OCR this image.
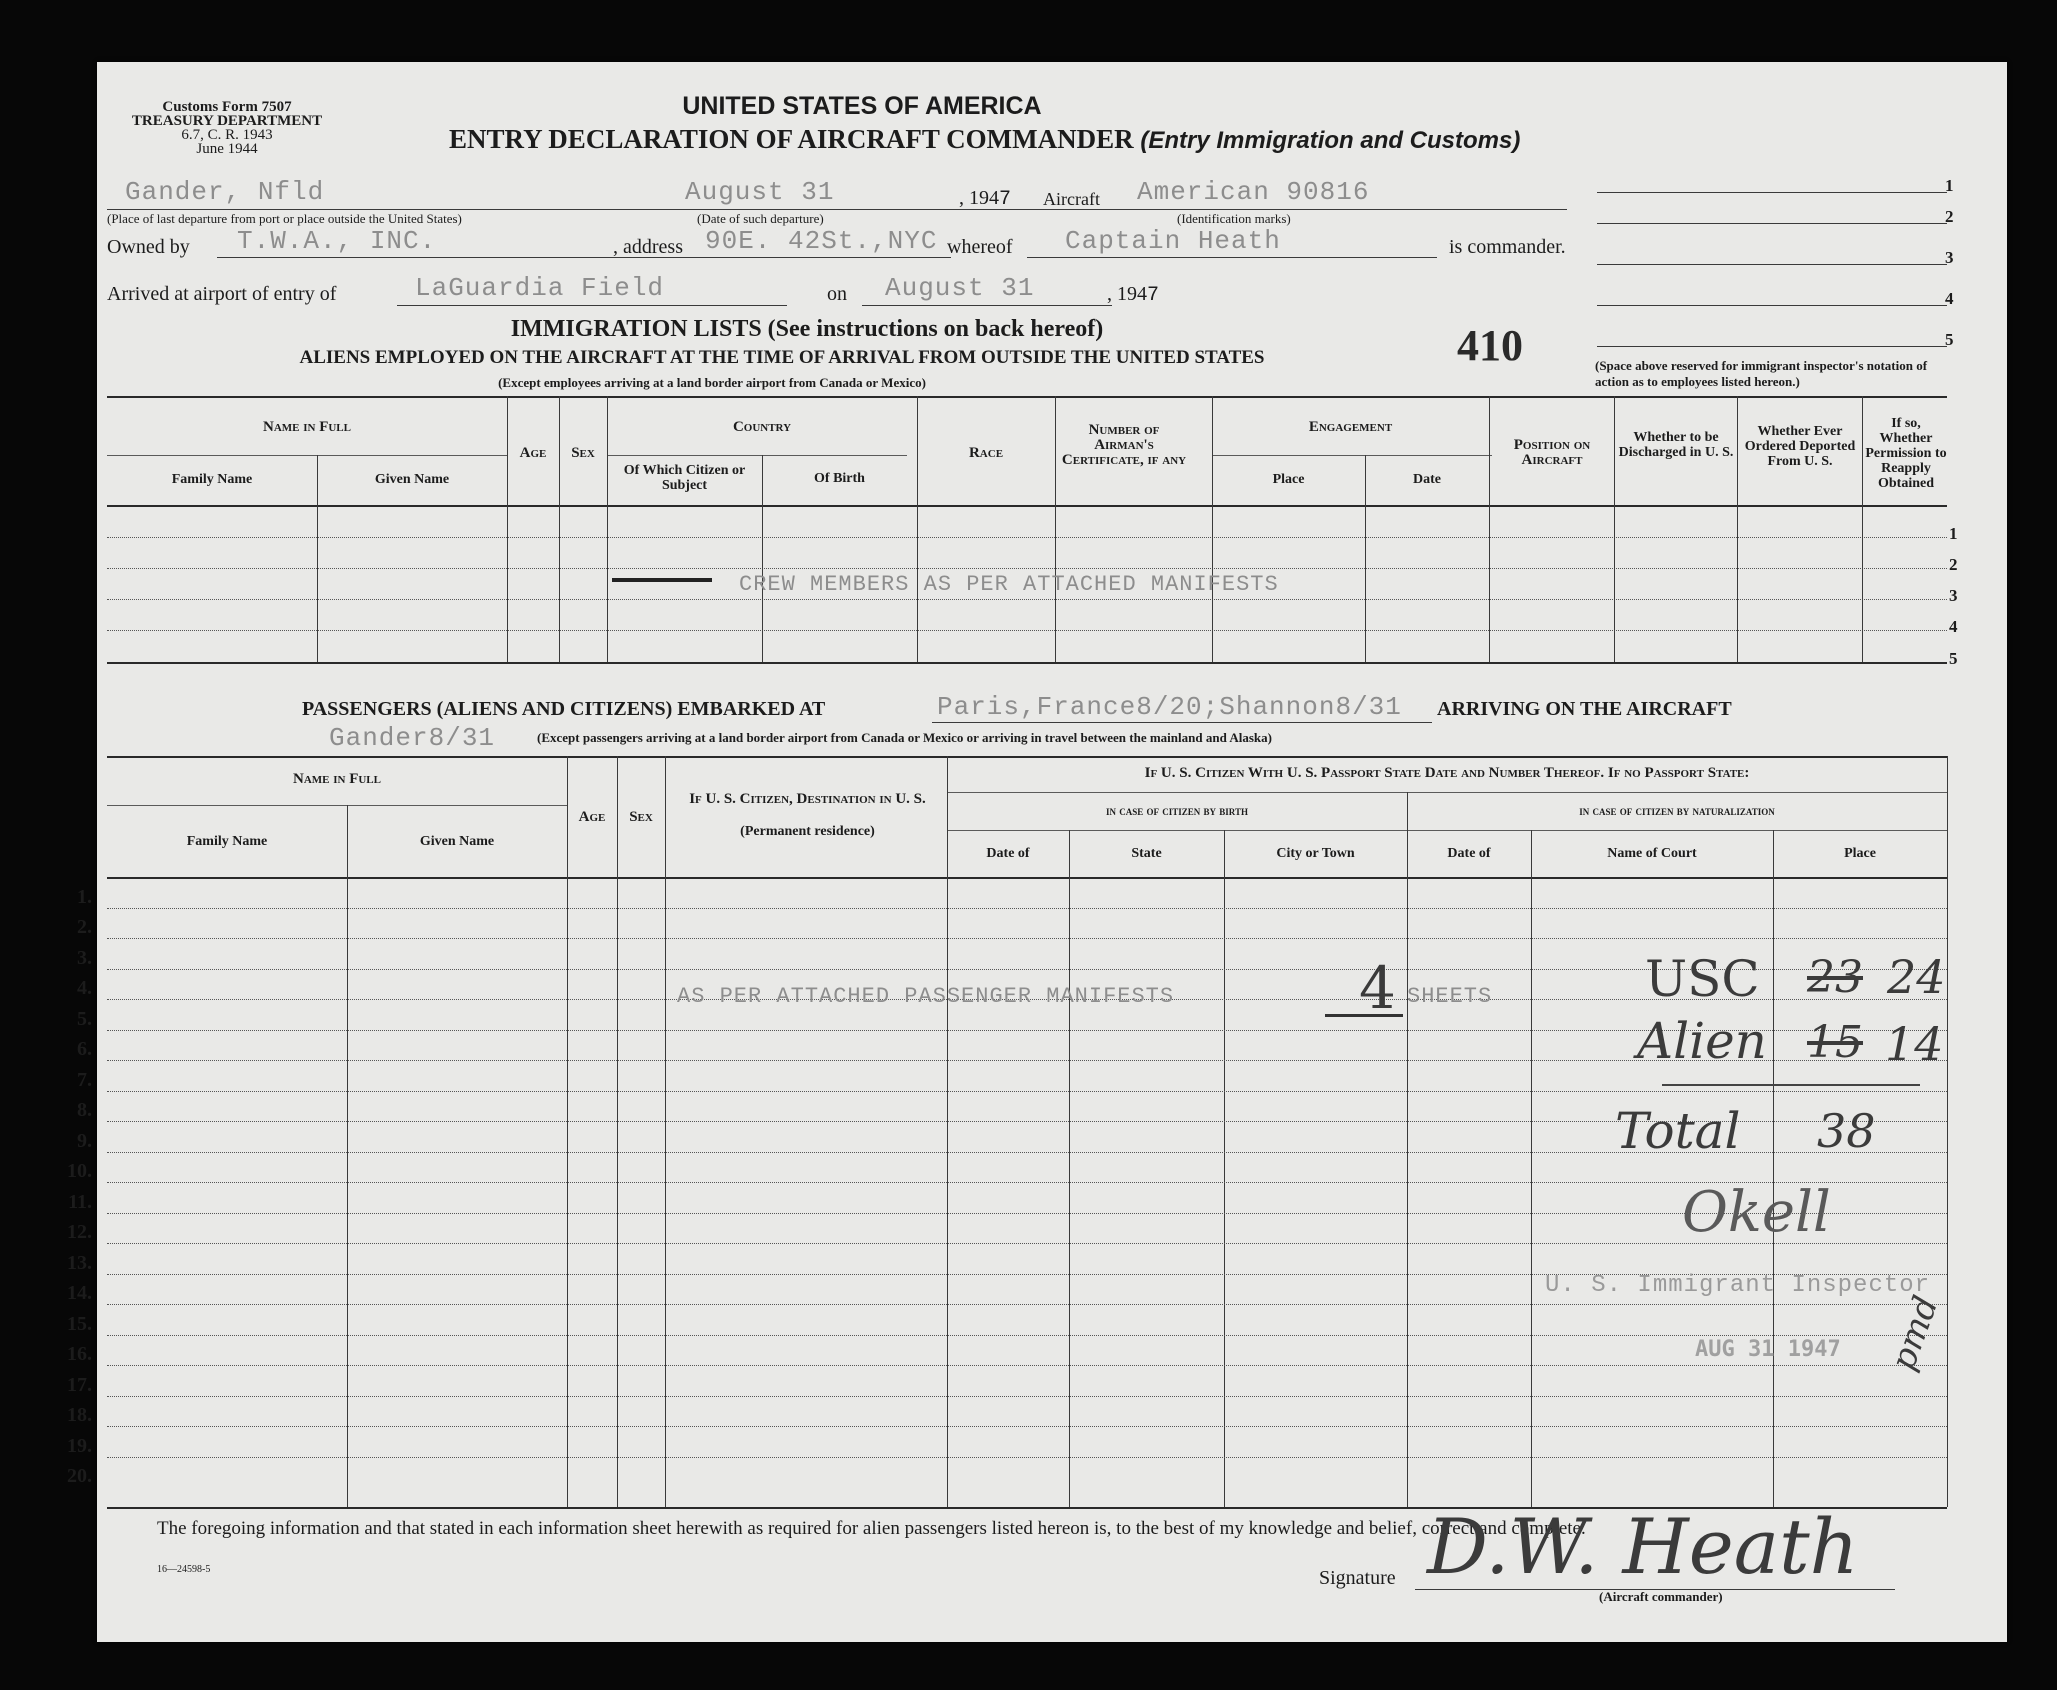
Customs Form 7507
TREASURY DEPARTMENT
6.7, C. R. 1943
June 1944
UNITED STATES OF AMERICA
ENTRY DECLARATION OF AIRCRAFT COMMANDER (Entry Immigration and Customs)
1
2
3
4
5
(Space above reserved for immigrant inspector's notation of action as to employees listed hereon.)
Gander, Nfld
(Place of last departure from port or place outside the United States)
August 31
(Date of such departure)
, 1947 Aircraft American 90816
(Identification marks)
Owned by T.W.A., INC.	, address 90E. 42St.,NYC whereof Captain Heath	is commander.
Arrived at airport of entry of	LaGuardia Field	on August 31	, 1947
IMMIGRATION LISTS (See instructions on back hereof)
ALIENS EMPLOYED ON THE AIRCRAFT AT THE TIME OF ARRIVAL FROM OUTSIDE THE UNITED STATES
(Except employees arriving at a land border airport from Canada or Mexico)
410
Name in Full
Family Name	Given Name
Age	Sex
Country
Of Which Citizen or Subject	Of Birth
Race
Number of Airman's Certificate, if any
Engagement
Place	Date
Position on Aircraft
Whether to be Discharged in U. S.
Whether Ever Ordered Deported From U. S.
If so, Whether Permission to Reapply Obtained
CREW MEMBERS AS PER ATTACHED MANIFESTS
1
2
3
4
5
PASSENGERS (ALIENS AND CITIZENS) EMBARKED AT	Paris,France8/20;Shannon8/31 ARRIVING ON THE AIRCRAFT
Gander8/31	(Except passengers arriving at a land border airport from Canada or Mexico or arriving in travel between the mainland and Alaska)
Name in Full
Family Name	Given Name
Age	Sex
If U. S. Citizen, Destination in U. S.
(Permanent residence)
If U. S. Citizen With U. S. Passport State Date and Number Thereof. If no Passport State:
in case of citizen by birth	in case of citizen by naturalization
Date of	State	City or Town	Date of	Name of Court	Place
1.
2.
3.
4.
5.
6.
7.
8.
9.
10.
11.
12.
13.
14.
15.
16.
17.
18.
19.
20.
AS PER ATTACHED PASSENGER MANIFESTS	4 SHEETS	USC 23 24
Alien 15 14
Total 38
Okell
U. S. Immigrant Inspector
AUG 31 1947 pmd
The foregoing information and that stated in each information sheet herewith as required for alien passengers listed hereon is, to the best of my knowledge and belief, correct and complete.
16—24598-5	Signature D.W. Heath
(Aircraft commander)
